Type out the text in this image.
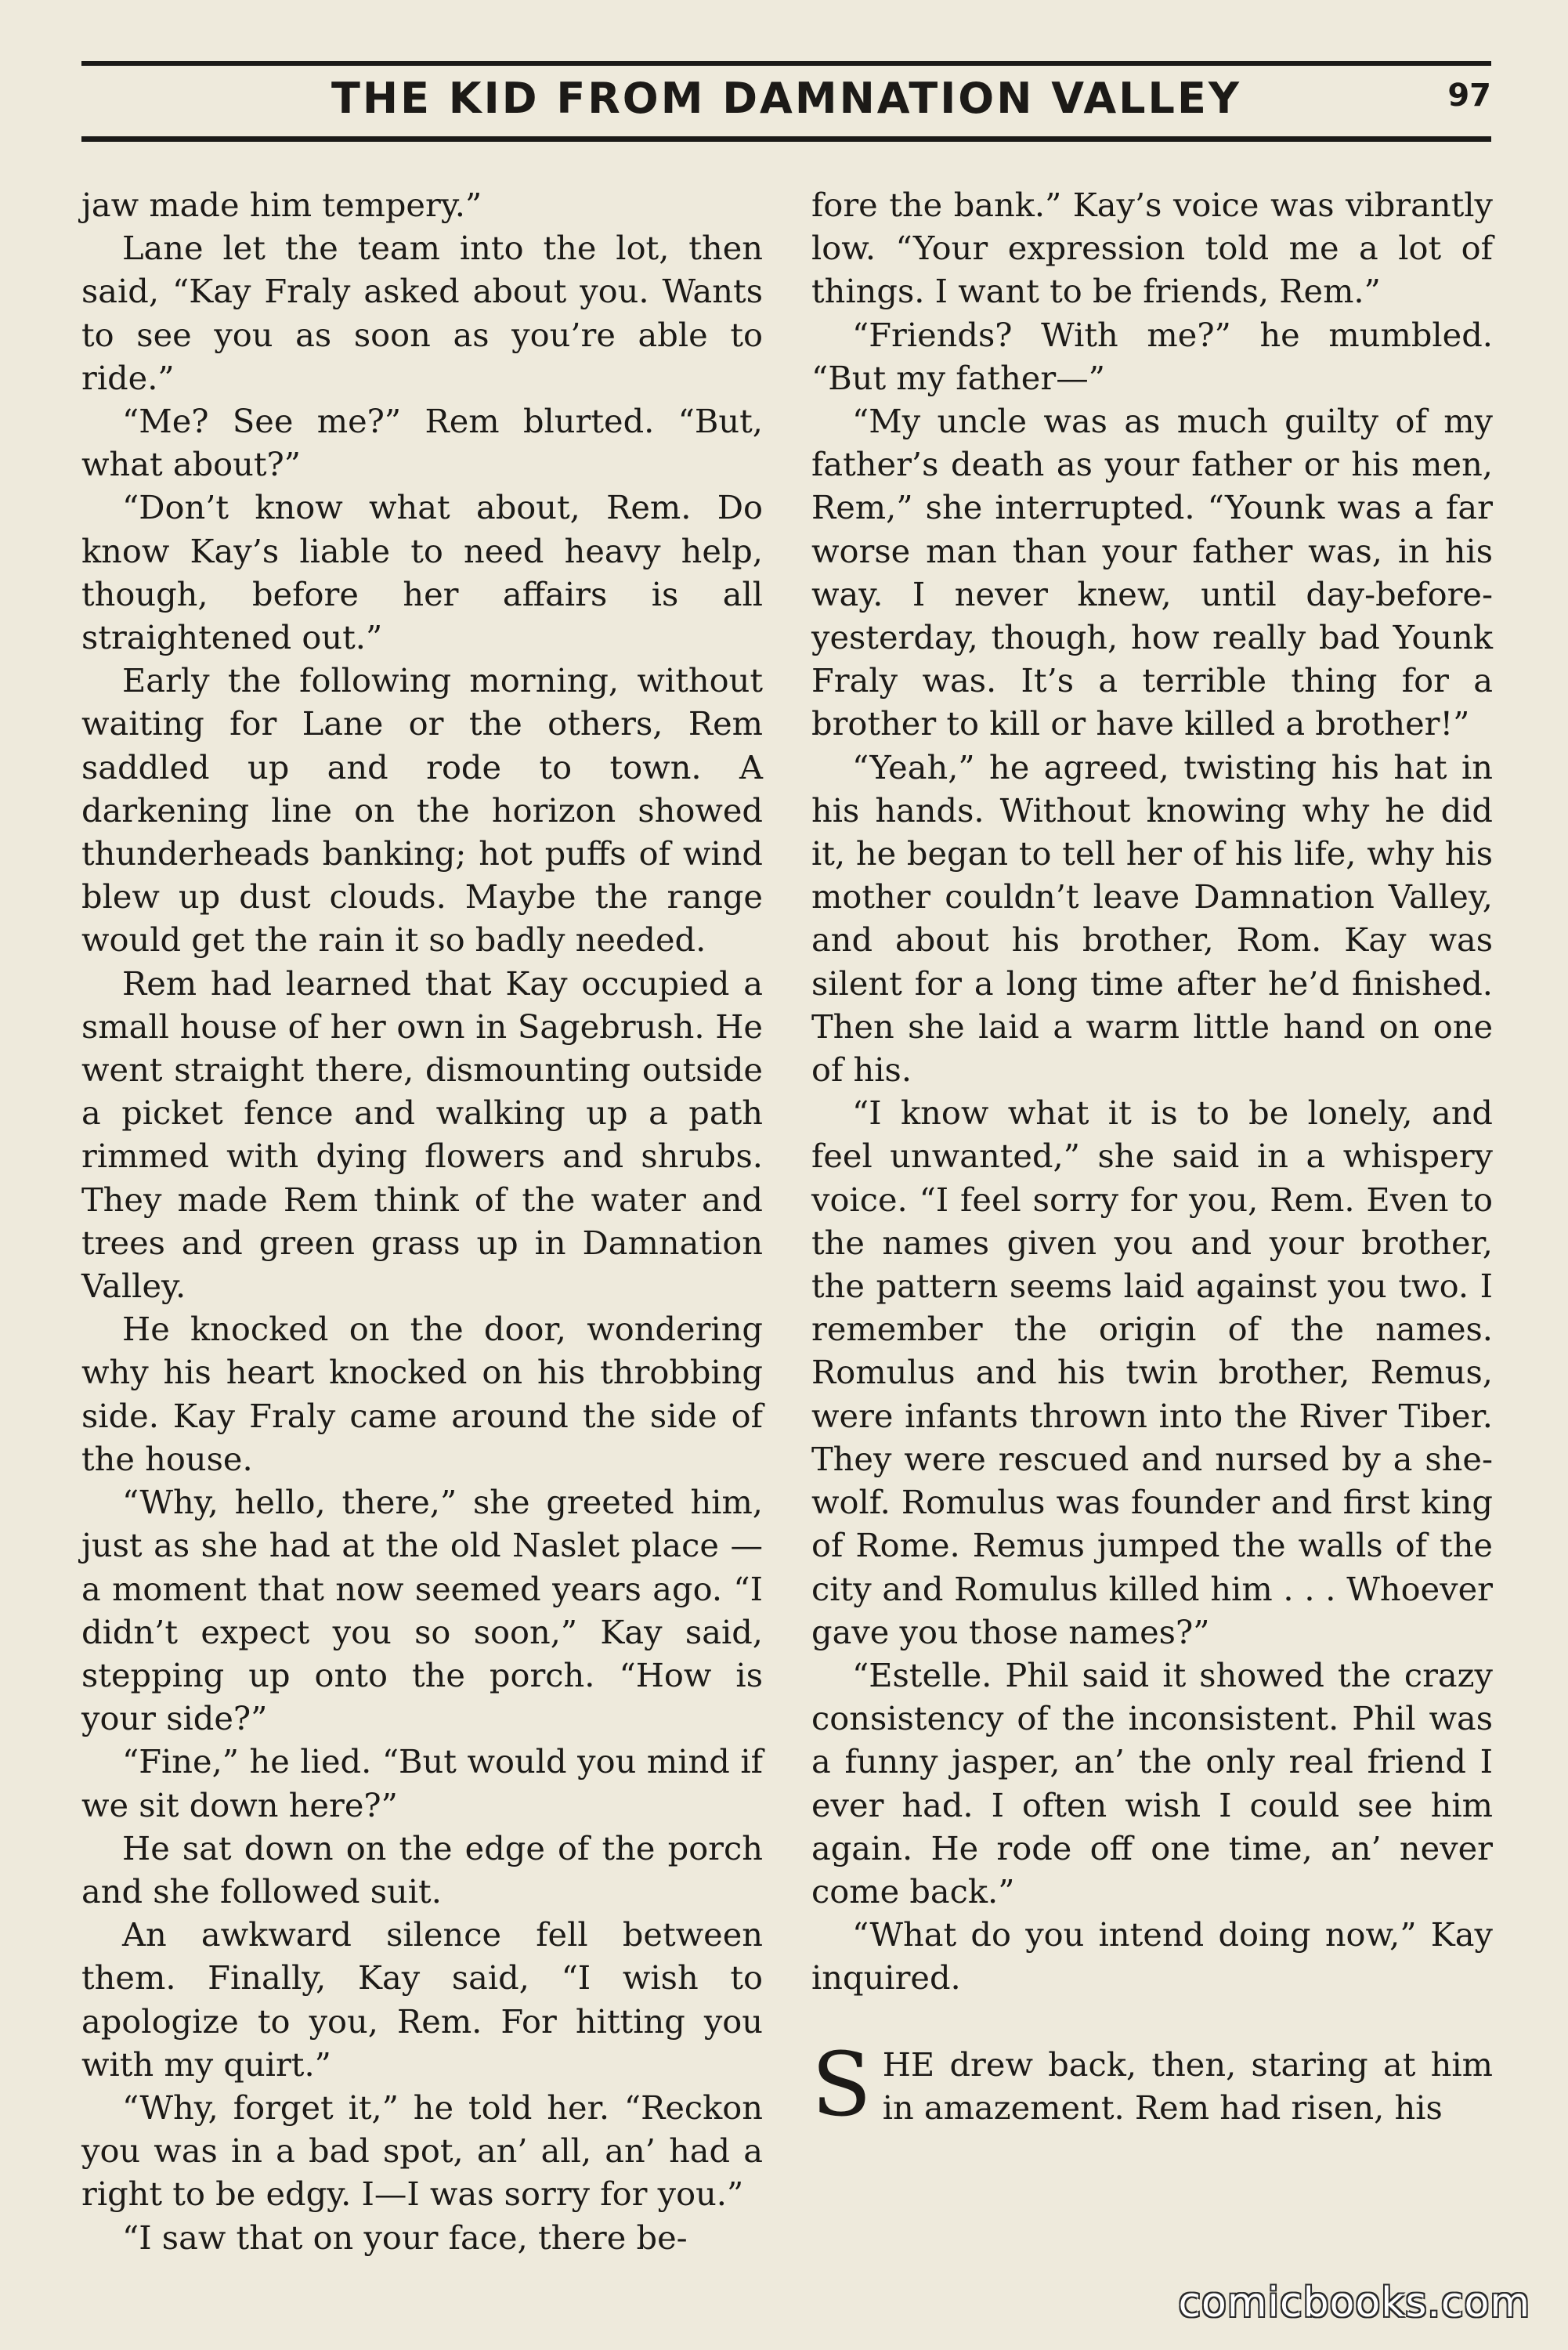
THE KID FROM DAMNATION VALLEY	97

jaw made him tempery.”

Lane let the team into the lot, then said, “Kay Fraly asked about you. Wants to see you as soon as you’re able to ride.”

“Me? See me?” Rem blurted. “But, what about?”

“Don’t know what about, Rem. Do know Kay’s liable to need heavy help, though, before her affairs is all straightened out.”

Early the following morning, without waiting for Lane or the others, Rem saddled up and rode to town. A darkening line on the horizon showed thunderheads banking; hot puffs of wind blew up dust clouds. Maybe the range would get the rain it so badly needed.

Rem had learned that Kay occupied a small house of her own in Sagebrush. He went straight there, dismounting outside a picket fence and walking up a path rimmed with dying flowers and shrubs. They made Rem think of the water and trees and green grass up in Damnation Valley.

He knocked on the door, wondering why his heart knocked on his throbbing side. Kay Fraly came around the side of the house.

“Why, hello, there,” she greeted him, just as she had at the old Naslet place —a moment that now seemed years ago. “I didn’t expect you so soon,” Kay said, stepping up onto the porch. “How is your side?”

“Fine,” he lied. “But would you mind if we sit down here?”

He sat down on the edge of the porch and she followed suit.

An awkward silence fell between them. Finally, Kay said, “I wish to apologize to you, Rem. For hitting you with my quirt.”

“Why, forget it,” he told her. “Reckon you was in a bad spot, an’ all, an’ had a right to be edgy. I—I was sorry for you.”

“I saw that on your face, there be-

fore the bank.” Kay’s voice was vibrantly low. “Your expression told me a lot of things. I want to be friends, Rem.”

“Friends? With me?” he mumbled. “But my father—”

“My uncle was as much guilty of my father’s death as your father or his men, Rem,” she interrupted. “Younk was a far worse man than your father was, in his way. I never knew, until day-before-yesterday, though, how really bad Younk Fraly was. It’s a terrible thing for a brother to kill or have killed a brother!”

“Yeah,” he agreed, twisting his hat in his hands. Without knowing why he did it, he began to tell her of his life, why his mother couldn’t leave Damnation Valley, and about his brother, Rom. Kay was silent for a long time after he’d finished. Then she laid a warm little hand on one of his.

“I know what it is to be lonely, and feel unwanted,” she said in a whispery voice. “I feel sorry for you, Rem. Even to the names given you and your brother, the pattern seems laid against you two. I remember the origin of the names. Romulus and his twin brother, Remus, were infants thrown into the River Tiber. They were rescued and nursed by a she-wolf. Romulus was founder and first king of Rome. Remus jumped the walls of the city and Romulus killed him . . . Whoever gave you those names?”

“Estelle. Phil said it showed the crazy consistency of the inconsistent. Phil was a funny jasper, an’ the only real friend I ever had. I often wish I could see him again. He rode off one time, an’ never come back.”

“What do you intend doing now,” Kay inquired.

SHE drew back, then, staring at him in amazement. Rem had risen, his

comicbooks.com
